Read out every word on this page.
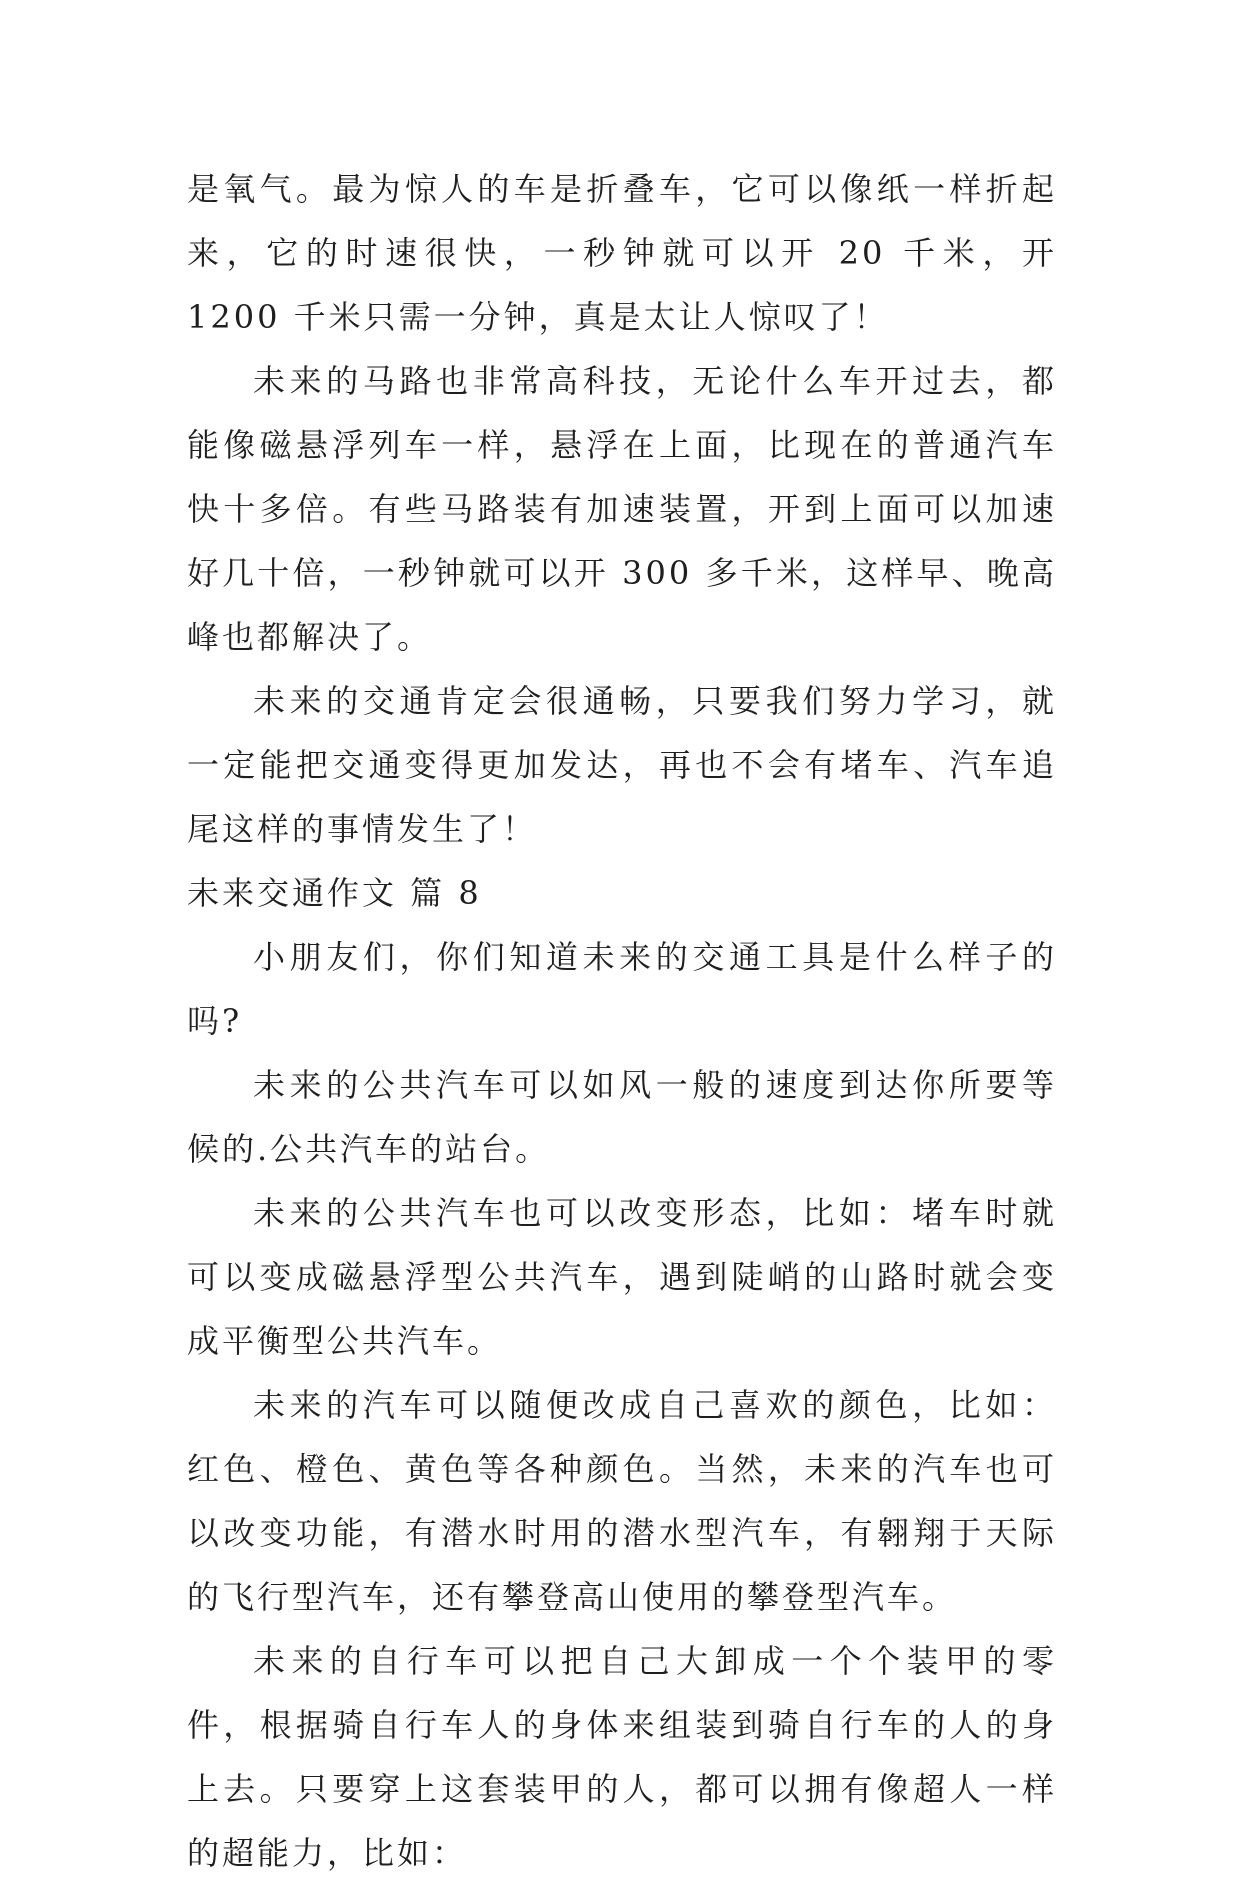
是氧气。最为惊人的车是折叠车，它可以像纸一样折起来，它的时速很快，一秒钟就可以开 20 千米，开 1200 千米只需一分钟，真是太让人惊叹了！

未来的马路也非常高科技，无论什么车开过去，都能像磁悬浮列车一样，悬浮在上面，比现在的普通汽车快十多倍。有些马路装有加速装置，开到上面可以加速好几十倍，一秒钟就可以开 300 多千米，这样早、晚高峰也都解决了。

未来的交通肯定会很通畅，只要我们努力学习，就一定能把交通变得更加发达，再也不会有堵车、汽车追尾这样的事情发生了！

未来交通作文 篇 8

小朋友们，你们知道未来的交通工具是什么样子的吗?

未来的公共汽车可以如风一般的速度到达你所要等候的.公共汽车的站台。

未来的公共汽车也可以改变形态，比如：堵车时就可以变成磁悬浮型公共汽车，遇到陡峭的山路时就会变成平衡型公共汽车。

未来的汽车可以随便改成自己喜欢的颜色，比如：红色、橙色、黄色等各种颜色。当然，未来的汽车也可以改变功能，有潜水时用的潜水型汽车，有翱翔于天际的飞行型汽车，还有攀登高山使用的攀登型汽车。

未来的自行车可以把自己大卸成一个个装甲的零件，根据骑自行车人的身体来组装到骑自行车的人的身上去。只要穿上这套装甲的人，都可以拥有像超人一样的超能力，比如：
